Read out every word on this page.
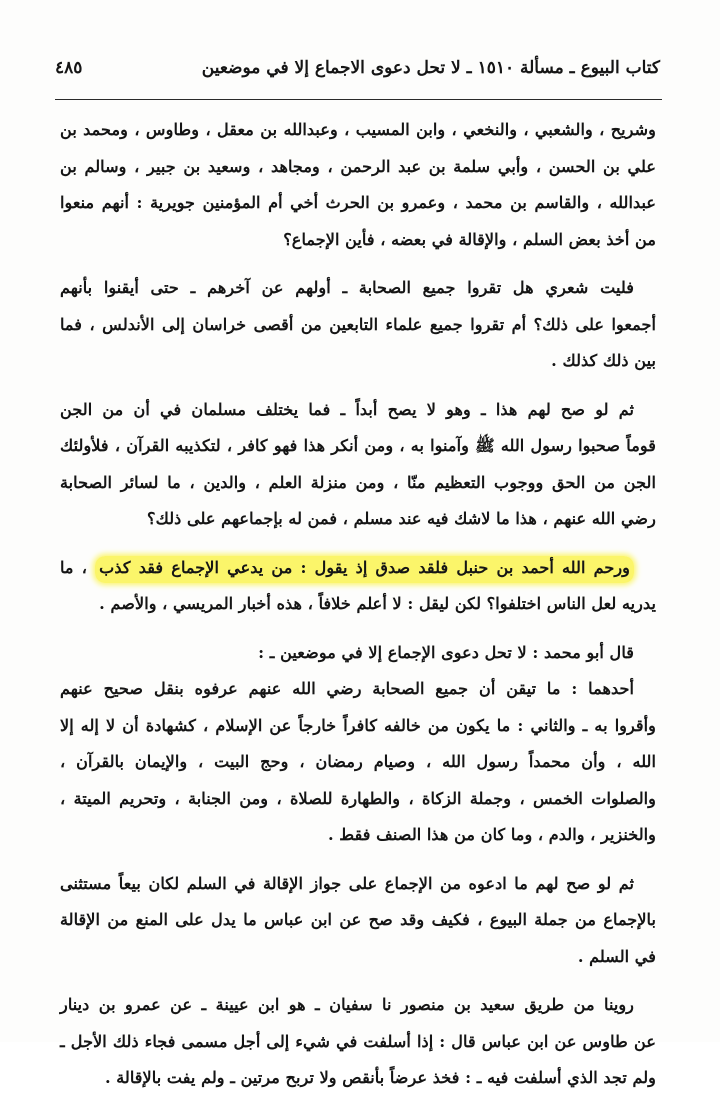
كتاب البيوع ـ مسألة ١٥١٠ ـ لا تحل دعوى الاجماع إلا في موضعين
٤٨٥
وشريح ، والشعبي ، والنخعي ، وابن المسيب ، وعبدالله بن معقل ، وطاوس ، ومحمد بن
علي بن الحسن ، وأبي سلمة بن عبد الرحمن ، ومجاهد ، وسعيد بن جبير ، وسالم بن
عبدالله ، والقاسم بن محمد ، وعمرو بن الحرث أخي أم المؤمنين جويرية : أنهم منعوا
من أخذ بعض السلم ، والإقالة في بعضه ، فأين الإجماع؟
فليت شعري هل تقروا جميع الصحابة ـ أولهم عن آخرهم ـ حتى أيقنوا بأنهم
أجمعوا على ذلك؟ أم تقروا جميع علماء التابعين من أقصى خراسان إلى الأندلس ، فما
بين ذلك كذلك .
ثم لو صح لهم هذا ـ وهو لا يصح أبداً ـ فما يختلف مسلمان في أن من الجن
قوماً صحبوا رسول الله ﷺ وآمنوا به ، ومن أنكر هذا فهو كافر ، لتكذيبه القرآن ، فلأولئك
الجن من الحق ووجوب التعظيم منّا ، ومن منزلة العلم ، والدين ، ما لسائر الصحابة
رضي الله عنهم ، هذا ما لاشك فيه عند مسلم ، فمن له بإجماعهم على ذلك؟
ورحم الله أحمد بن حنبل فلقد صدق إذ يقول : من يدعي الإجماع فقد كذب ، ما
يدريه لعل الناس اختلفوا؟ لكن ليقل : لا أعلم خلافاً ، هذه أخبار المريسي ، والأصم .
قال أبو محمد : لا تحل دعوى الإجماع إلا في موضعين ـ :
أحدهما : ما تيقن أن جميع الصحابة رضي الله عنهم عرفوه بنقل صحيح عنهم
وأقروا به ـ والثاني : ما يكون من خالفه كافراً خارجاً عن الإسلام ، كشهادة أن لا إله إلا
الله ، وأن محمداً رسول الله ، وصيام رمضان ، وحج البيت ، والإيمان بالقرآن ،
والصلوات الخمس ، وجملة الزكاة ، والطهارة للصلاة ، ومن الجنابة ، وتحريم الميتة ،
والخنزير ، والدم ، وما كان من هذا الصنف فقط .
ثم لو صح لهم ما ادعوه من الإجماع على جواز الإقالة في السلم لكان بيعاً مستثنى
بالإجماع من جملة البيوع ، فكيف وقد صح عن ابن عباس ما يدل على المنع من الإقالة
في السلم .
روينا من طريق سعيد بن منصور نا سفيان ـ هو ابن عيينة ـ عن عمرو بن دينار
عن طاوس عن ابن عباس قال : إذا أسلفت في شيء إلى أجل مسمى فجاء ذلك الأجل ـ
ولم تجد الذي أسلفت فيه ـ : فخذ عرضاً بأنقص ولا تربح مرتين ـ ولم يفت بالإقالة .
